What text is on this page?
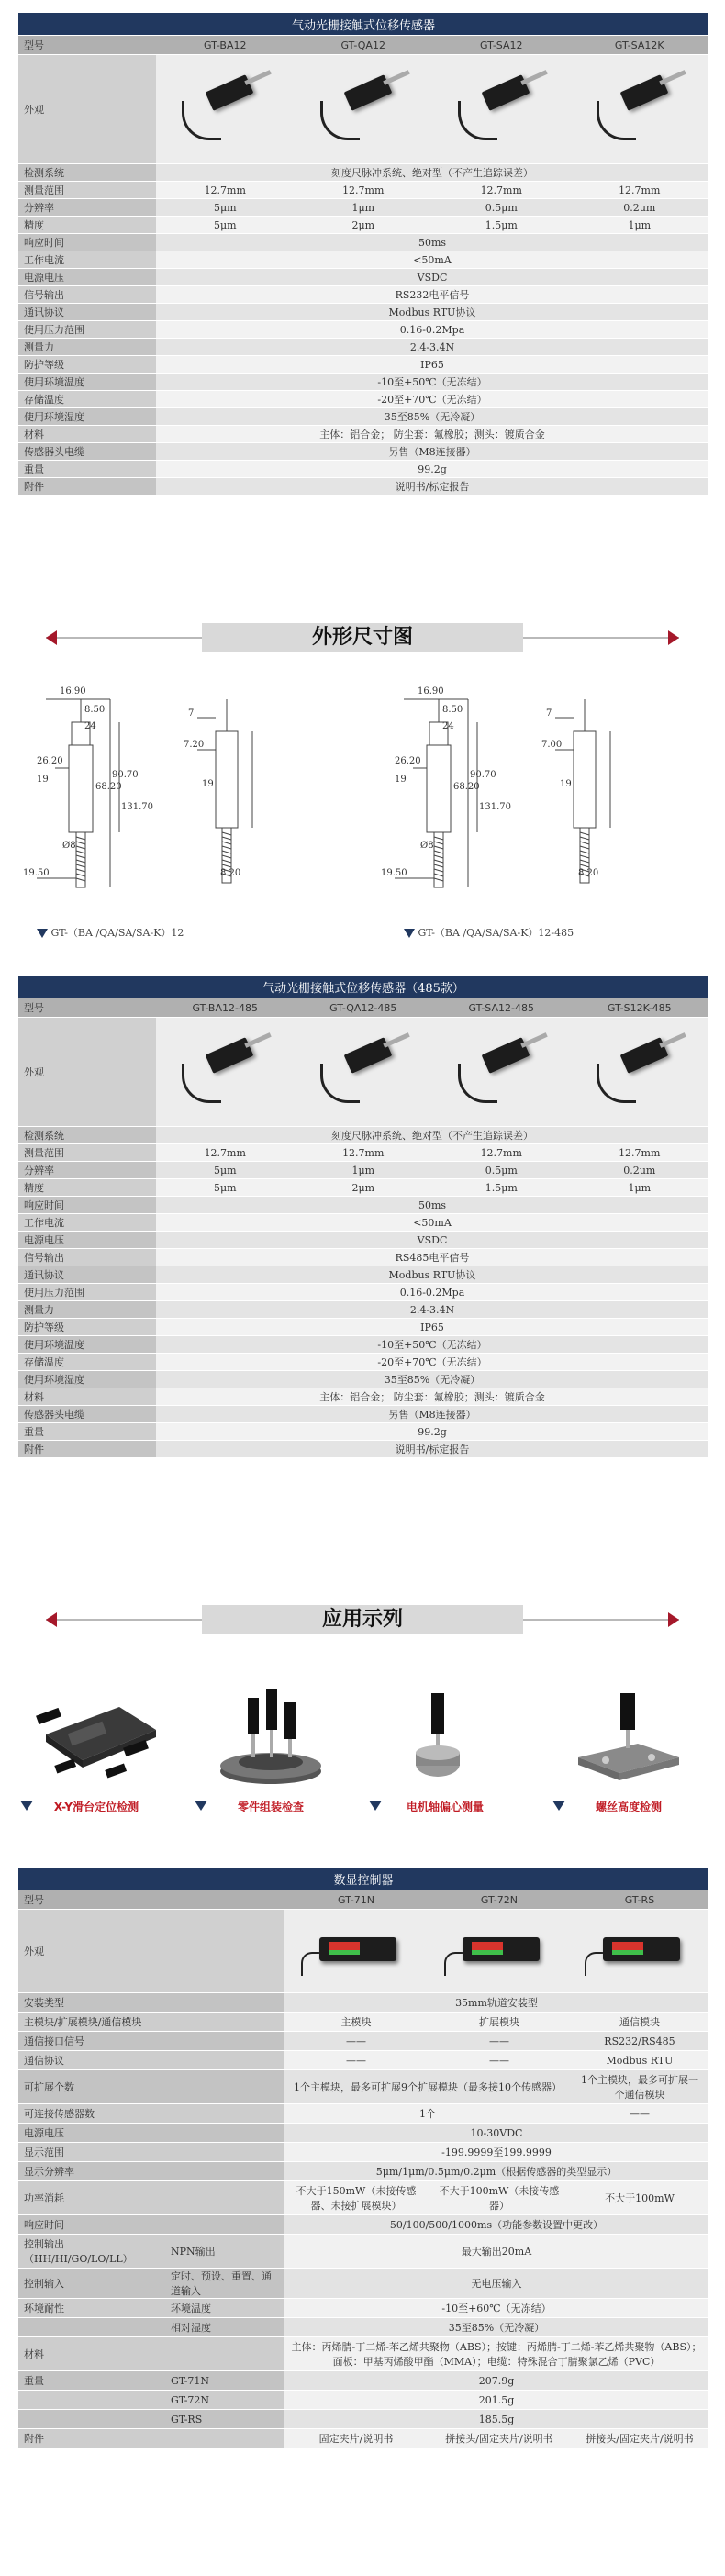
气动光栅接触式位移传感器				
型号	GT-BA12	GT-QA12	GT-SA12	GT-SA12K
外观	

检测系统	刻度尺脉冲系统、绝对型（不产生追踪误差）			
测量范围	12.7mm	12.7mm	12.7mm	12.7mm
分辨率	5μm	1μm	0.5μm	0.2μm
精度	5μm	2μm	1.5μm	1μm
响应时间	50ms			
工作电流	<50mA			
电源电压	VSDC			
信号输出	RS232电平信号			
通讯协议	Modbus RTU协议			
使用压力范围	0.16-0.2Mpa			
测量力	2.4-3.4N			
防护等级	IP65			
使用环境温度	-10至+50℃（无冻结）			
存储温度	-20至+70℃（无冻结）			
使用环境湿度	35至85%（无冷凝）			
材料	主体：铝合金； 防尘套：氟橡胶；测头：镀质合金			
传感器头电缆	另售（M8连接器）			
重量	99.2g			
附件	说明书/标定报告			
外形尺寸图
16.90
8.50
24
26.20
19	90.70
68.20
131.70
Ø8
19.50	8.20
7
7.20
19
16.90
8.50
24
26.20
19	90.70
68.20
131.70
Ø8
19.50	8.20
7
7.00
19
GT-（BA /QA/SA/SA-K）12	GT-（BA /QA/SA/SA-K）12-485
气动光栅接触式位移传感器（485款）				
型号	GT-BA12-485	GT-QA12-485	GT-SA12-485	GT-S12K-485
外观	

检测系统	刻度尺脉冲系统、绝对型（不产生追踪误差）			
测量范围	12.7mm	12.7mm	12.7mm	12.7mm
分辨率	5μm	1μm	0.5μm	0.2μm
精度	5μm	2μm	1.5μm	1μm
响应时间	50ms			
工作电流	<50mA			
电源电压	VSDC			
信号输出	RS485电平信号			
通讯协议	Modbus RTU协议			
使用压力范围	0.16-0.2Mpa			
测量力	2.4-3.4N			
防护等级	IP65			
使用环境温度	-10至+50℃（无冻结）			
存储温度	-20至+70℃（无冻结）			
使用环境湿度	35至85%（无冷凝）			
材料	主体：铝合金； 防尘套：氟橡胶；测头：镀质合金			
传感器头电缆	另售（M8连接器）			
重量	99.2g			
附件	说明书/标定报告			
应用示列
X-Y滑台定位检测	零件组装检查	电机轴偏心测量	螺丝高度检测
数显控制器				
型号		GT-71N	GT-72N	GT-RS
外观		

安装类型		35mm轨道安装型		
主模块/扩展模块/通信模块		主模块	扩展模块	通信模块
通信接口信号		——	——	RS232/RS485
通信协议		——	——	Modbus RTU
可扩展个数		1个主模块，最多可扩展9个扩展模块（最多接10个传感器）		1个主模块，最多可扩展一个通信模块
可连接传感器数		1个		——
电源电压		10-30VDC		
显示范围		-199.9999至199.9999		
显示分辨率		5μm/1μm/0.5μm/0.2μm（根据传感器的类型显示）		
功率消耗		不大于150mW（未接传感器、未接扩展模块）	不大于100mW（未接传感器）	不大于100mW
响应时间		50/100/500/1000ms（功能参数设置中更改）		
控制输出（HH/HI/GO/LO/LL）	NPN输出	最大输出20mA		
控制输入	定时、预设、重置、通道输入	无电压输入		
环境耐性	环境温度	-10至+60℃（无冻结）		
	相对湿度	35至85%（无冷凝）		
材料		主体：丙烯腈-丁二烯-苯乙烯共聚物（ABS）；按键：丙烯腈-丁二烯-苯乙烯共聚物（ABS）；面板：甲基丙烯酸甲酯（MMA）；电缆：特殊混合丁腈聚氯乙烯（PVC）		
重量	GT-71N	207.9g		
	GT-72N	201.5g		
	GT-RS	185.5g		
附件		固定夹片/说明书	拼接头/固定夹片/说明书	拼接头/固定夹片/说明书
